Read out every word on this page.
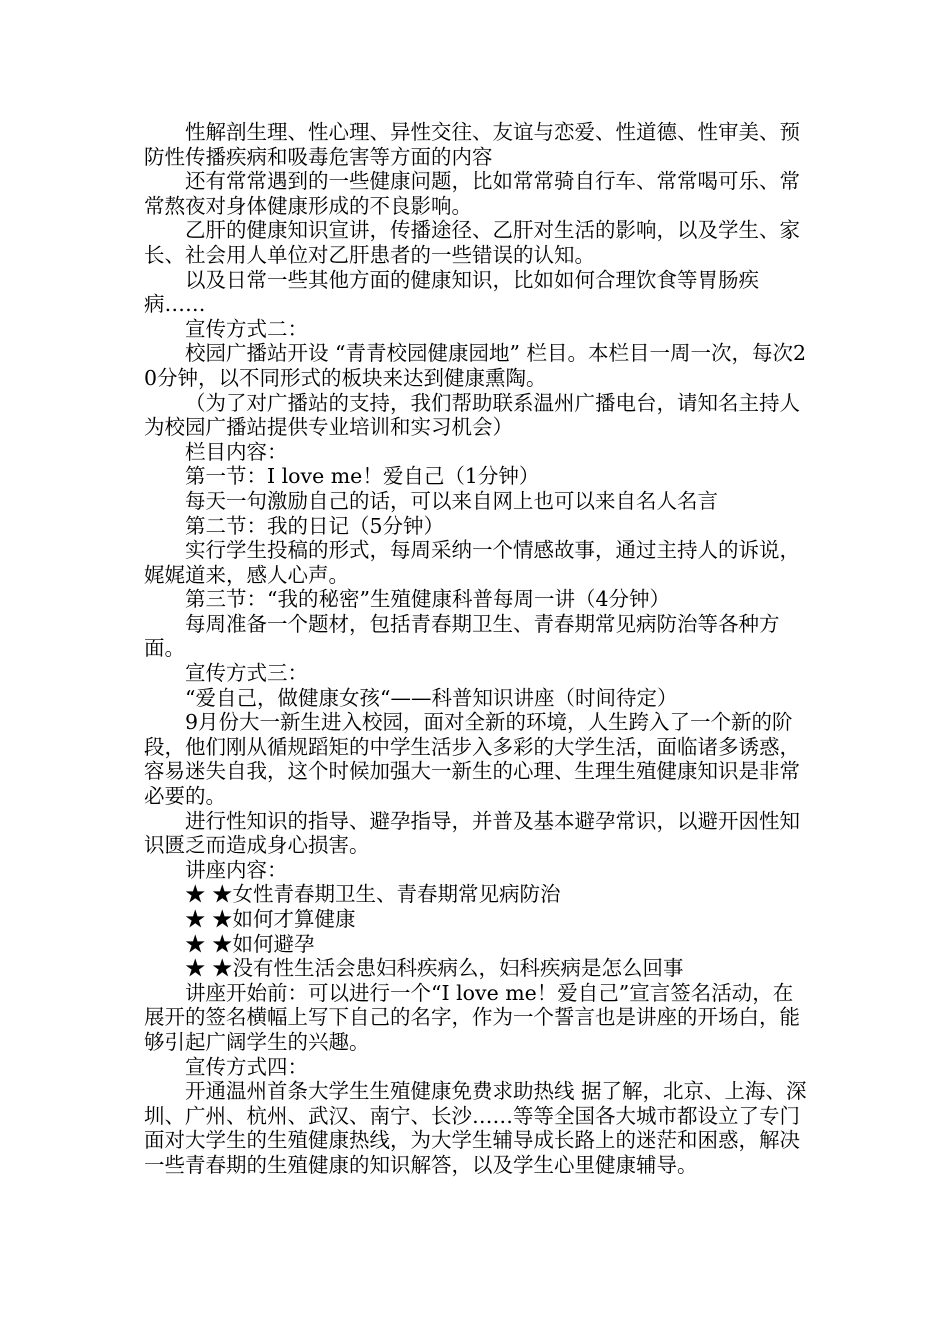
性解剖生理、性心理、异性交往、友谊与恋爱、性道德、性审美、预防性传播疾病和吸毒危害等方面的内容

还有常常遇到的一些健康问题，比如常常骑自行车、常常喝可乐、常常熬夜对身体健康形成的不良影响。

乙肝的健康知识宣讲，传播途径、乙肝对生活的影响，以及学生、家长、社会用人单位对乙肝患者的一些错误的认知。

以及日常一些其他方面的健康知识，比如如何合理饮食等胃肠疾病……

宣传方式二：

校园广播站开设 “青青校园健康园地” 栏目。本栏目一周一次，每次20分钟，以不同形式的板块来达到健康熏陶。

（为了对广播站的支持，我们帮助联系温州广播电台，请知名主持人为校园广播站提供专业培训和实习机会）

栏目内容：

第一节：I love me！爱自己（1分钟）

每天一句激励自己的话，可以来自网上也可以来自名人名言

第二节：我的日记（5分钟）

实行学生投稿的形式，每周采纳一个情感故事，通过主持人的诉说，娓娓道来，感人心声。

第三节：“我的秘密”生殖健康科普每周一讲（4分钟）

每周准备一个题材，包括青春期卫生、青春期常见病防治等各种方面。

宣传方式三：

“爱自己，做健康女孩“——科普知识讲座（时间待定）

9月份大一新生进入校园，面对全新的环境，人生跨入了一个新的阶段，他们刚从循规蹈矩的中学生活步入多彩的大学生活，面临诸多诱惑，容易迷失自我，这个时候加强大一新生的心理、生理生殖健康知识是非常必要的。

进行性知识的指导、避孕指导，并普及基本避孕常识，以避开因性知识匮乏而造成身心损害。

讲座内容：

★ ★女性青春期卫生、青春期常见病防治

★ ★如何才算健康

★ ★如何避孕

★ ★没有性生活会患妇科疾病么，妇科疾病是怎么回事

讲座开始前：可以进行一个“I love me！爱自己”宣言签名活动，在展开的签名横幅上写下自己的名字，作为一个誓言也是讲座的开场白，能够引起广阔学生的兴趣。

宣传方式四：

开通温州首条大学生生殖健康免费求助热线 据了解，北京、上海、深圳、广州、杭州、武汉、南宁、长沙……等等全国各大城市都设立了专门面对大学生的生殖健康热线，为大学生辅导成长路上的迷茫和困惑，解决一些青春期的生殖健康的知识解答，以及学生心里健康辅导。
